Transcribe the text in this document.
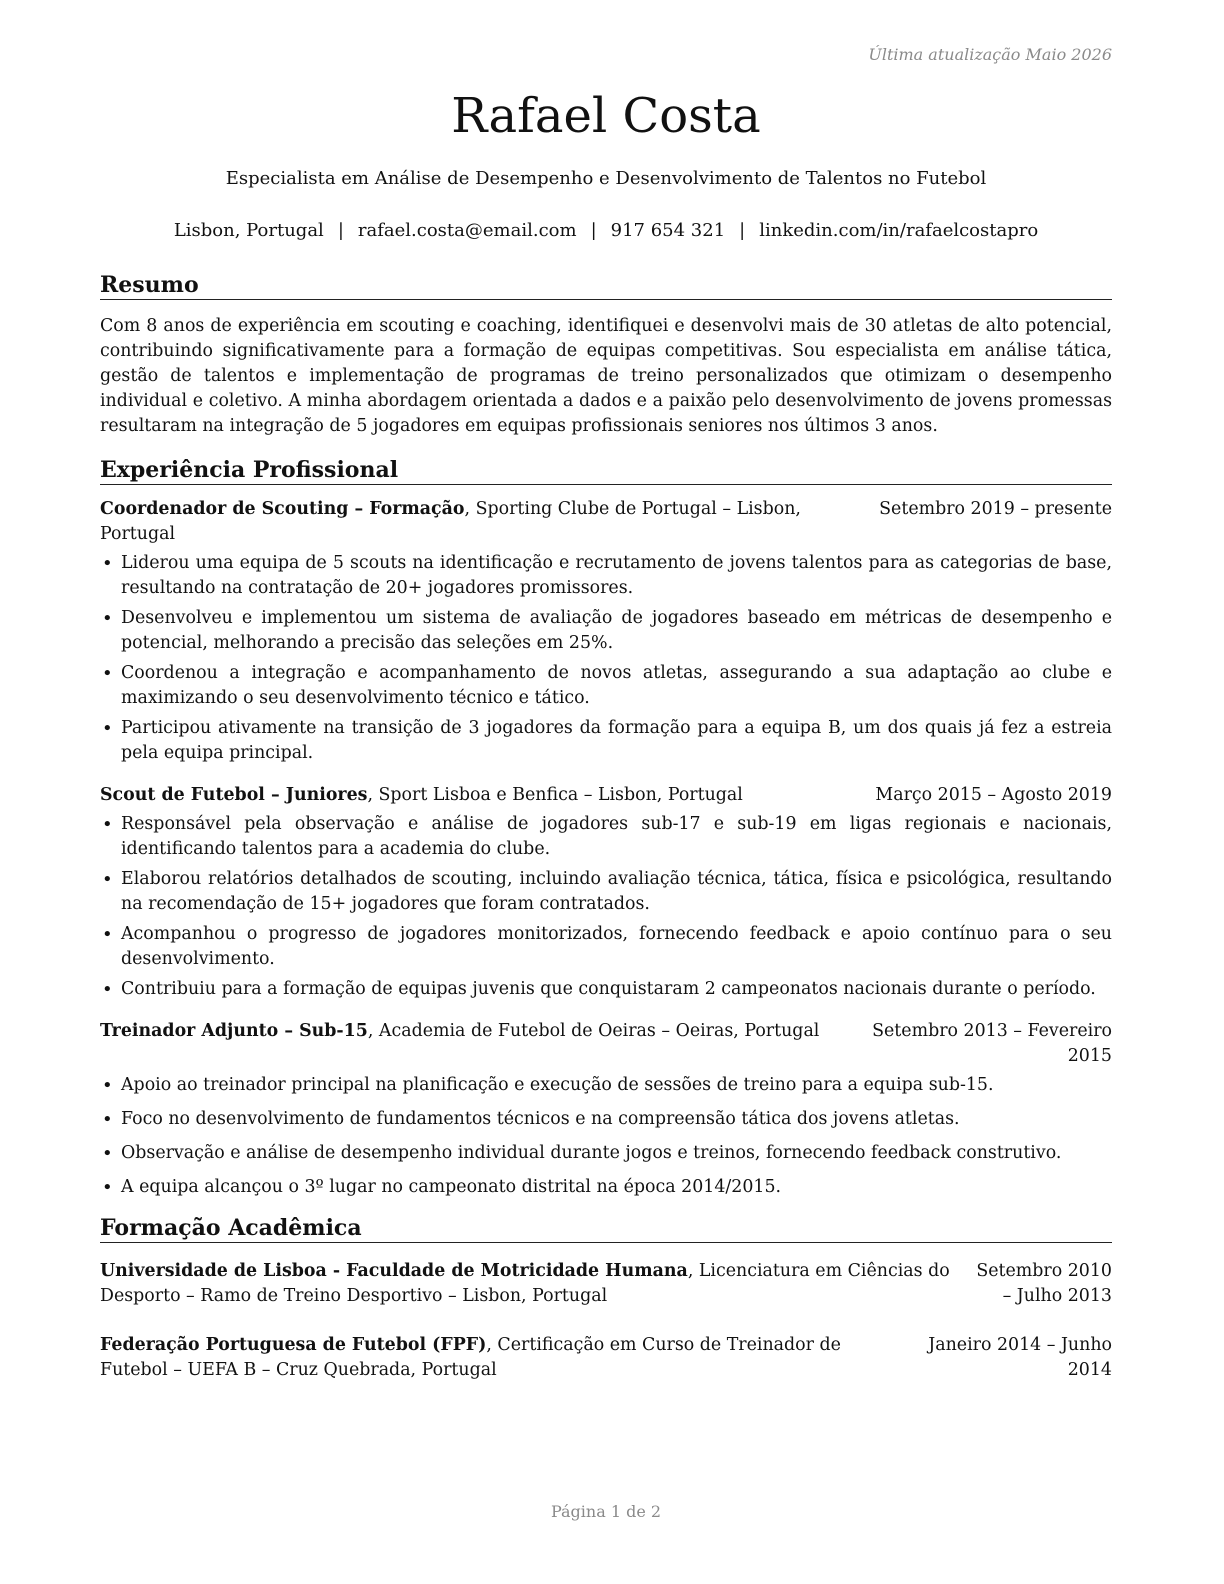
Última atualização Maio 2026
Rafael Costa
Especialista em Análise de Desempenho e Desenvolvimento de Talentos no Futebol
Lisbon, Portugal | rafael.costa@email.com | 917 654 321 | linkedin.com/in/rafaelcostapro
Resumo
Com 8 anos de experiência em scouting e coaching, identifiquei e desenvolvi mais de 30 atletas de alto potencial, contribuindo significativamente para a formação de equipas competitivas. Sou especialista em análise tática, gestão de talentos e implementação de programas de treino personalizados que otimizam o desempenho individual e coletivo. A minha abordagem orientada a dados e a paixão pelo desenvolvimento de jovens promessas resultaram na integração de 5 jogadores em equipas profissionais seniores nos últimos 3 anos.
Experiência Profissional
Coordenador de Scouting – Formação, Sporting Clube de Portugal – Lisbon, Portugal
Setembro 2019 – presente
• Liderou uma equipa de 5 scouts na identificação e recrutamento de jovens talentos para as categorias de base, resultando na contratação de 20+ jogadores promissores.
• Desenvolveu e implementou um sistema de avaliação de jogadores baseado em métricas de desempenho e potencial, melhorando a precisão das seleções em 25%.
• Coordenou a integração e acompanhamento de novos atletas, assegurando a sua adaptação ao clube e maximizando o seu desenvolvimento técnico e tático.
• Participou ativamente na transição de 3 jogadores da formação para a equipa B, um dos quais já fez a estreia pela equipa principal.
Scout de Futebol – Juniores, Sport Lisboa e Benfica – Lisbon, Portugal	Março 2015 – Agosto 2019
• Responsável pela observação e análise de jogadores sub-17 e sub-19 em ligas regionais e nacionais, identificando talentos para a academia do clube.
• Elaborou relatórios detalhados de scouting, incluindo avaliação técnica, tática, física e psicológica, resultando na recomendação de 15+ jogadores que foram contratados.
• Acompanhou o progresso de jogadores monitorizados, fornecendo feedback e apoio contínuo para o seu desenvolvimento.
• Contribuiu para a formação de equipas juvenis que conquistaram 2 campeonatos nacionais durante o período.
Treinador Adjunto – Sub-15, Academia de Futebol de Oeiras – Oeiras, Portugal	Setembro 2013 – Fevereiro 2015
• Apoio ao treinador principal na planificação e execução de sessões de treino para a equipa sub-15.
• Foco no desenvolvimento de fundamentos técnicos e na compreensão tática dos jovens atletas.
• Observação e análise de desempenho individual durante jogos e treinos, fornecendo feedback construtivo.
• A equipa alcançou o 3º lugar no campeonato distrital na época 2014/2015.
Formação Acadêmica
Universidade de Lisboa - Faculdade de Motricidade Humana, Licenciatura em Ciências do Desporto – Ramo de Treino Desportivo – Lisbon, Portugal
Setembro 2010 – Julho 2013
Federação Portuguesa de Futebol (FPF), Certificação em Curso de Treinador de Futebol – UEFA B – Cruz Quebrada, Portugal
Janeiro 2014 – Junho 2014
Página 1 de 2
